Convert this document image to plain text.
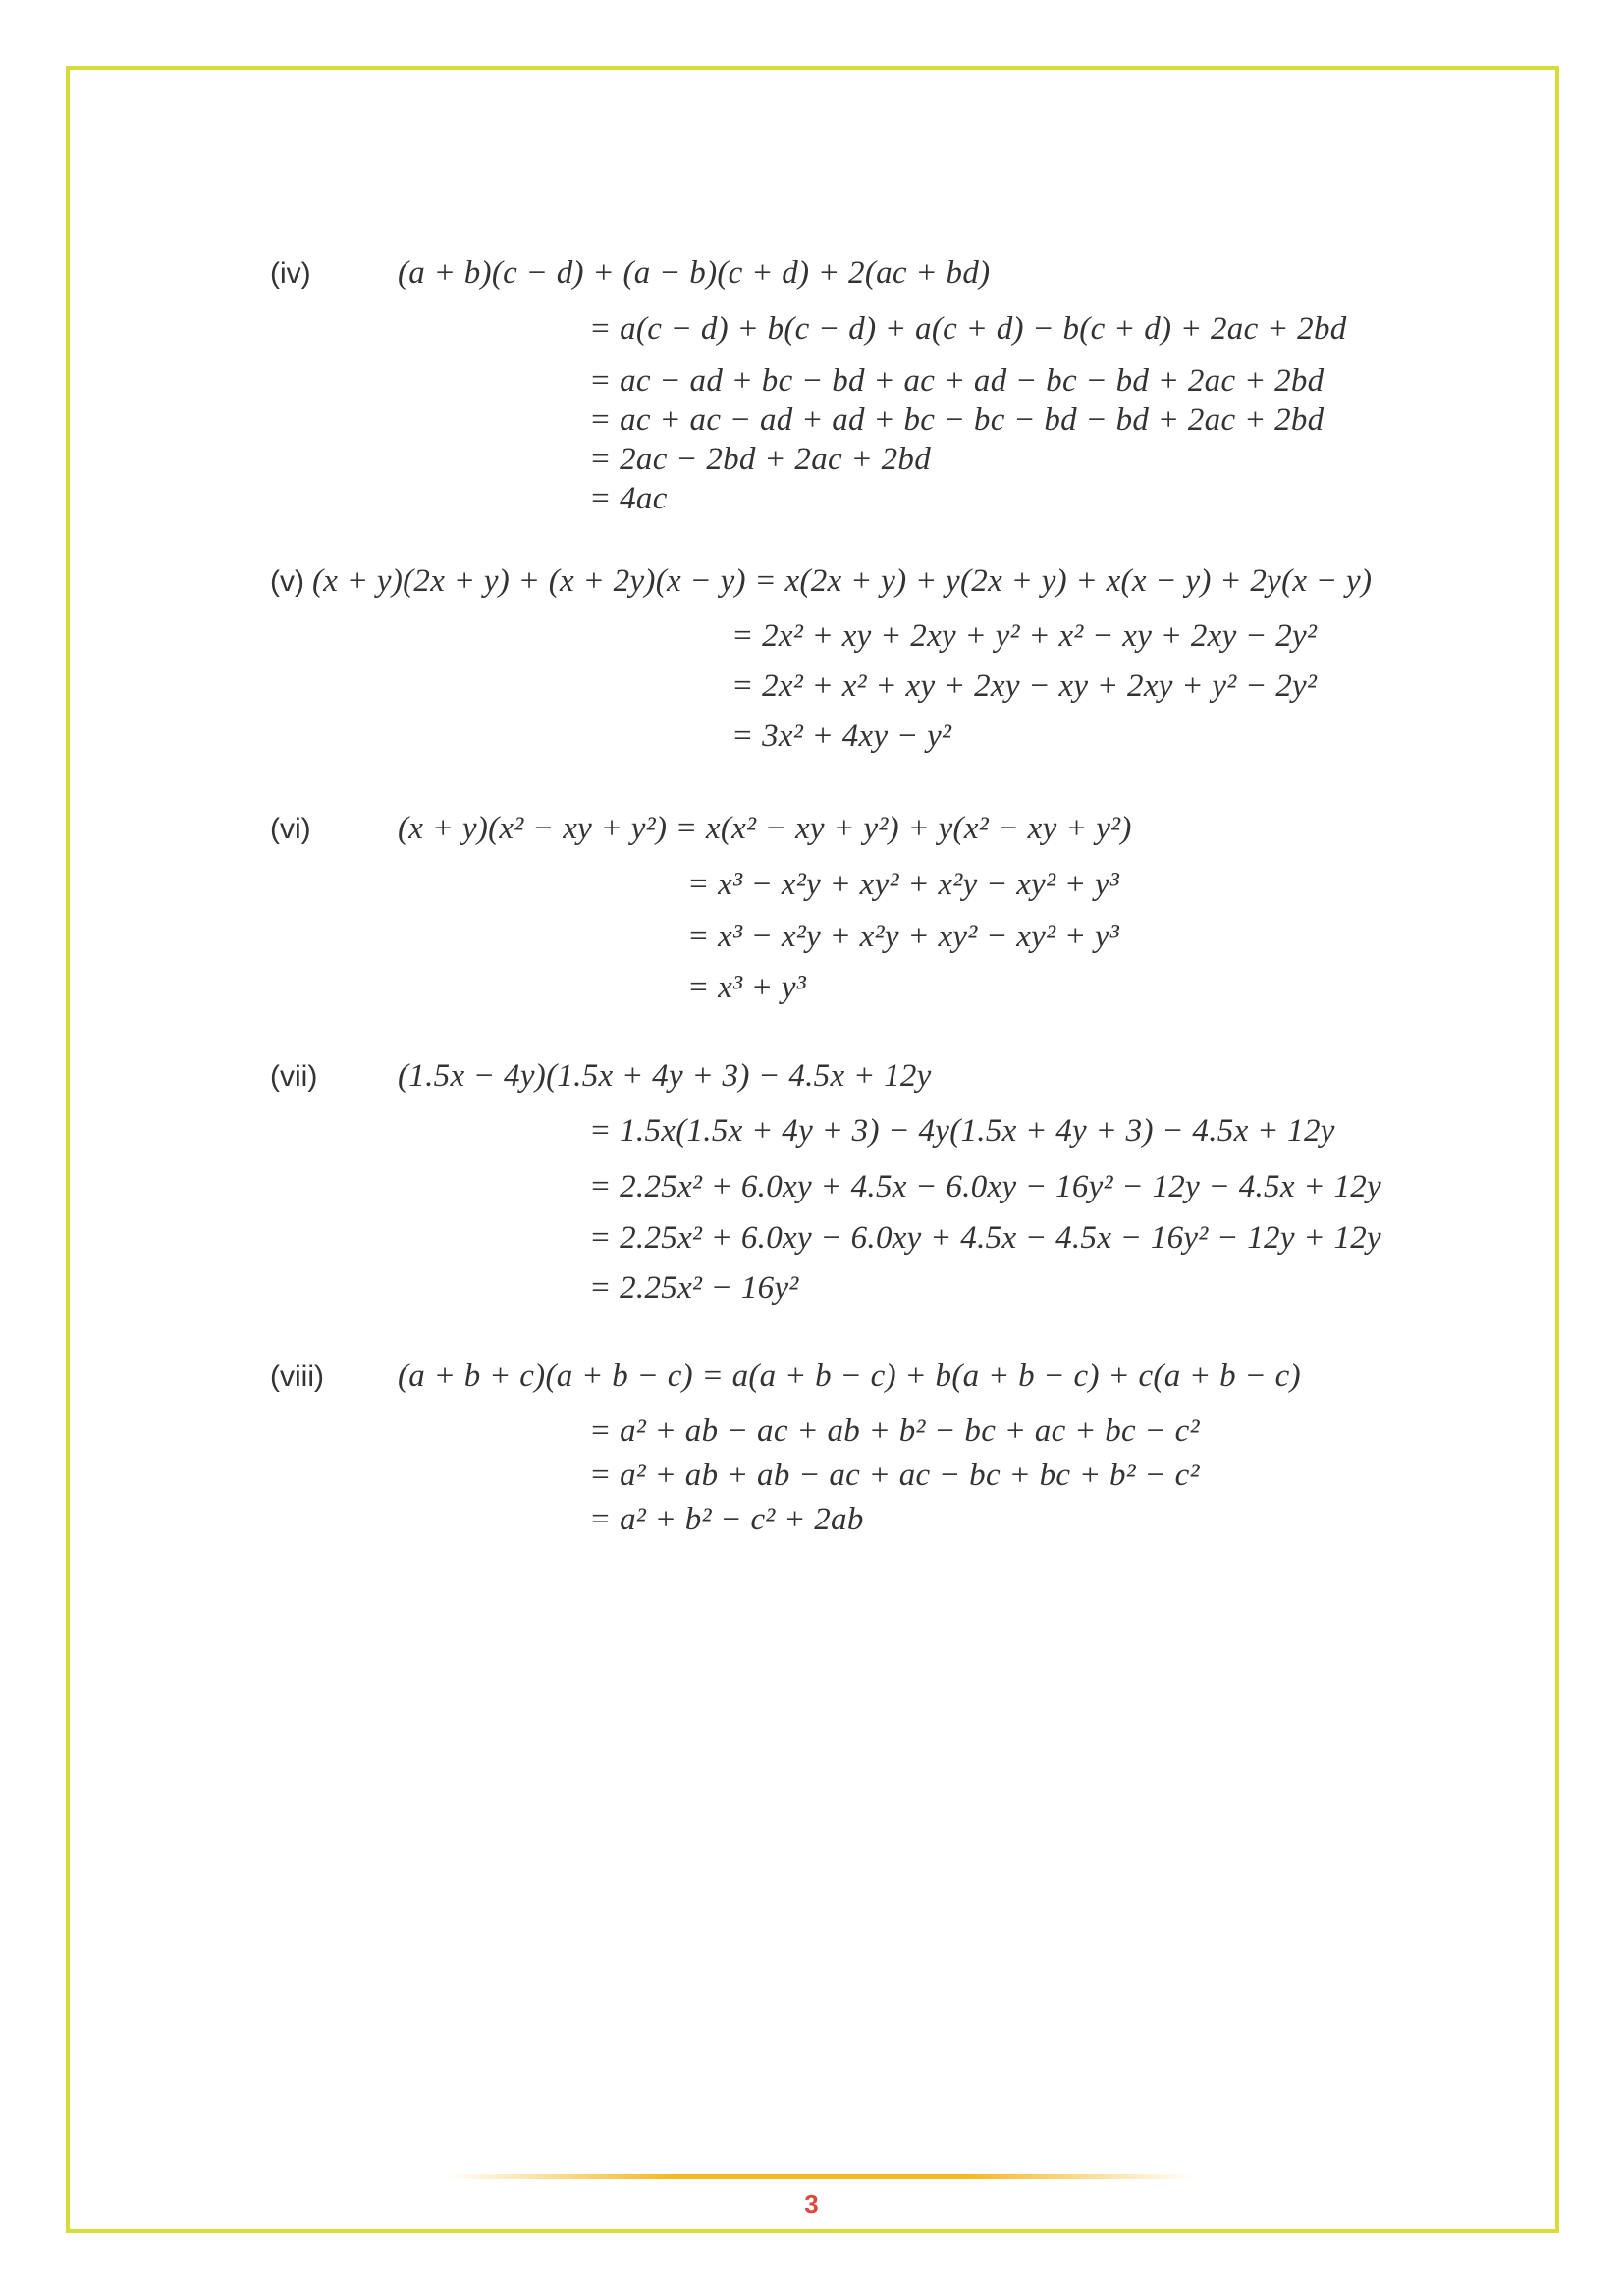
(iv)	(a + b)(c − d) + (a − b)(c + d) + 2(ac + bd)
= a(c − d) + b(c − d) + a(c + d) − b(c + d) + 2ac + 2bd
= ac − ad + bc − bd + ac + ad − bc − bd + 2ac + 2bd
= ac + ac − ad + ad + bc − bc − bd − bd + 2ac + 2bd
= 2ac − 2bd + 2ac + 2bd
= 4ac
(v) (x + y)(2x + y) + (x + 2y)(x − y) = x(2x + y) + y(2x + y) + x(x − y) + 2y(x − y)
= 2x² + xy + 2xy + y² + x² − xy + 2xy − 2y²
= 2x² + x² + xy + 2xy − xy + 2xy + y² − 2y²
= 3x² + 4xy − y²
(vi)	(x + y)(x² − xy + y²) = x(x² − xy + y²) + y(x² − xy + y²)
= x³ − x²y + xy² + x²y − xy² + y³
= x³ − x²y + x²y + xy² − xy² + y³
= x³ + y³
(vii) (1.5x − 4y)(1.5x + 4y + 3) − 4.5x + 12y
= 1.5x(1.5x + 4y + 3) − 4y(1.5x + 4y + 3) − 4.5x + 12y
= 2.25x² + 6.0xy + 4.5x − 6.0xy − 16y² − 12y − 4.5x + 12y
= 2.25x² + 6.0xy − 6.0xy + 4.5x − 4.5x − 16y² − 12y + 12y
= 2.25x² − 16y²
(viii) (a + b + c)(a + b − c) = a(a + b − c) + b(a + b − c) + c(a + b − c)
= a² + ab − ac + ab + b² − bc + ac + bc − c²
= a² + ab + ab − ac + ac − bc + bc + b² − c²
= a² + b² − c² + 2ab
3
